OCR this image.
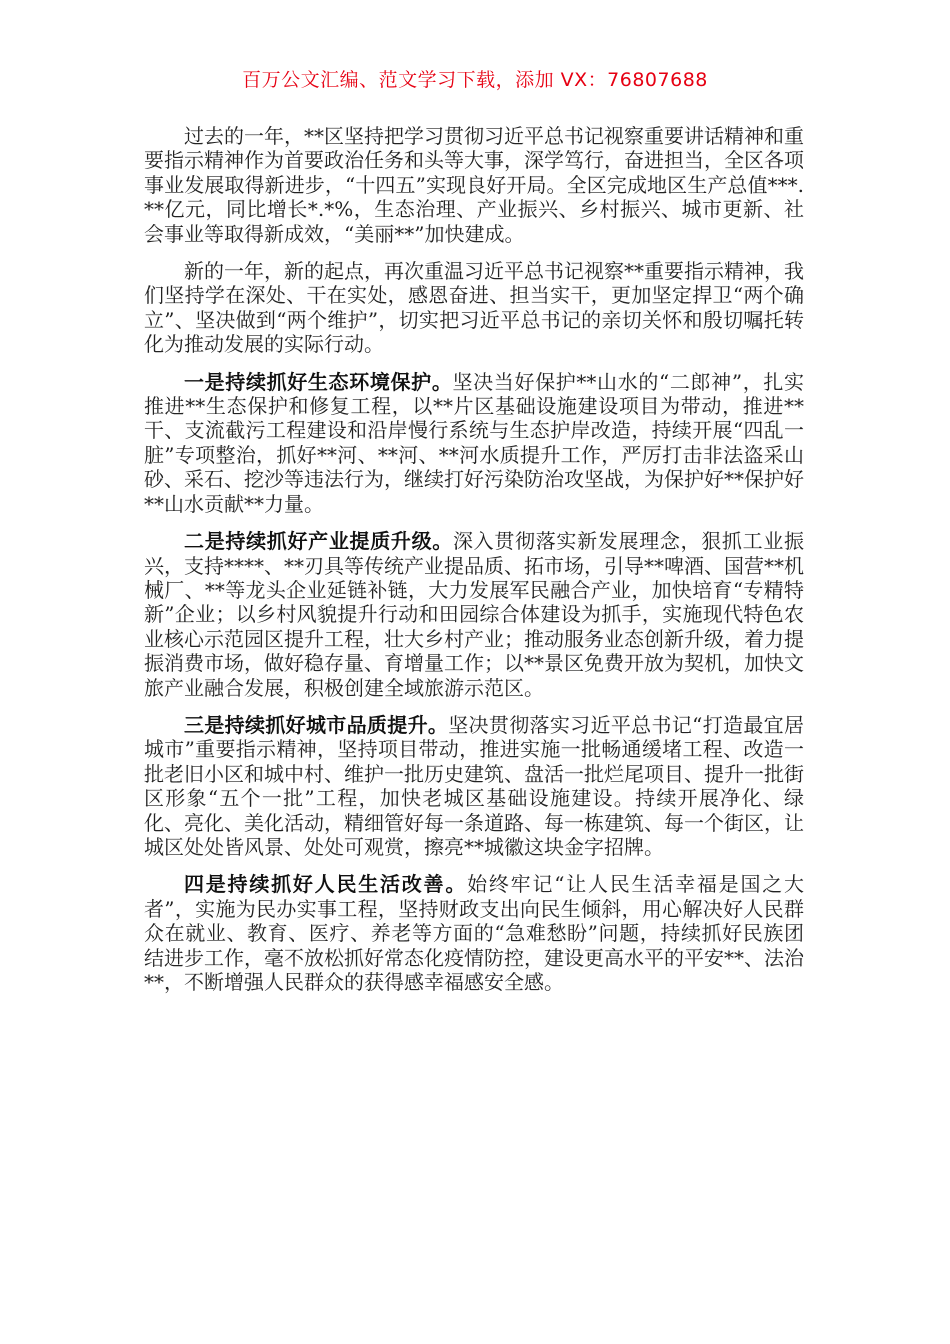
百万公文汇编、范文学习下载，添加 VX：76807688

过去的一年，**区坚持把学习贯彻习近平总书记视察重要讲话精神和重要指示精神作为首要政治任务和头等大事，深学笃行，奋进担当，全区各项事业发展取得新进步，“十四五”实现良好开局。全区完成地区生产总值***.**亿元，同比增长*.*%，生态治理、产业振兴、乡村振兴、城市更新、社会事业等取得新成效，“美丽**”加快建成。

新的一年，新的起点，再次重温习近平总书记视察**重要指示精神，我们坚持学在深处、干在实处，感恩奋进、担当实干，更加坚定捍卫“两个确立”、坚决做到“两个维护”，切实把习近平总书记的亲切关怀和殷切嘱托转化为推动发展的实际行动。

一是持续抓好生态环境保护。坚决当好保护**山水的“二郎神”，扎实推进**生态保护和修复工程，以**片区基础设施建设项目为带动，推进**干、支流截污工程建设和沿岸慢行系统与生态护岸改造，持续开展“四乱一脏”专项整治，抓好**河、**河、**河水质提升工作，严厉打击非法盗采山砂、采石、挖沙等违法行为，继续打好污染防治攻坚战，为保护好**保护好**山水贡献**力量。

二是持续抓好产业提质升级。深入贯彻落实新发展理念，狠抓工业振兴，支持****、**刃具等传统产业提品质、拓市场，引导**啤酒、国营**机械厂、**等龙头企业延链补链，大力发展军民融合产业，加快培育“专精特新”企业；以乡村风貌提升行动和田园综合体建设为抓手，实施现代特色农业核心示范园区提升工程，壮大乡村产业；推动服务业态创新升级，着力提振消费市场，做好稳存量、育增量工作；以**景区免费开放为契机，加快文旅产业融合发展，积极创建全域旅游示范区。

三是持续抓好城市品质提升。坚决贯彻落实习近平总书记“打造最宜居城市”重要指示精神，坚持项目带动，推进实施一批畅通缓堵工程、改造一批老旧小区和城中村、维护一批历史建筑、盘活一批烂尾项目、提升一批街区形象“五个一批”工程，加快老城区基础设施建设。持续开展净化、绿化、亮化、美化活动，精细管好每一条道路、每一栋建筑、每一个街区，让城区处处皆风景、处处可观赏，擦亮**城徽这块金字招牌。

四是持续抓好人民生活改善。始终牢记“让人民生活幸福是国之大者”，实施为民办实事工程，坚持财政支出向民生倾斜，用心解决好人民群众在就业、教育、医疗、养老等方面的“急难愁盼”问题，持续抓好民族团结进步工作，毫不放松抓好常态化疫情防控，建设更高水平的平安**、法治**，不断增强人民群众的获得感幸福感安全感。
